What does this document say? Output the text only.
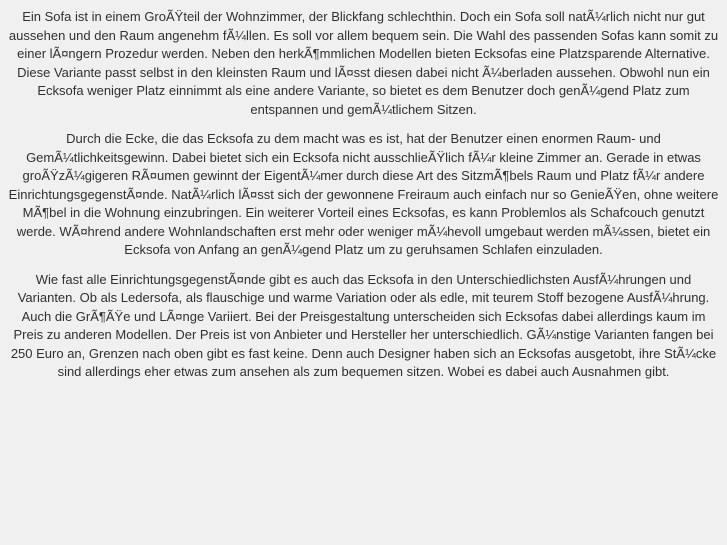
Ein Sofa ist in einem GroÃŸteil der Wohnzimmer, der Blickfang schlechthin. Doch ein Sofa soll natÃ¼rlich nicht nur gut aussehen und den Raum angenehm fÃ¼llen. Es soll vor allem bequem sein. Die Wahl des passenden Sofas kann somit zu einer lÃ¤ngern Prozedur werden. Neben den herkÃ¶mmlichen Modellen bieten Ecksofas eine Platzsparende Alternative. Diese Variante passt selbst in den kleinsten Raum und lÃ¤sst diesen dabei nicht Ã¼berladen aussehen. Obwohl nun ein Ecksofa weniger Platz einnimmt als eine andere Variante, so bietet es dem Benutzer doch genÃ¼gend Platz zum entspannen und gemÃ¼tlichem Sitzen.

Durch die Ecke, die das Ecksofa zu dem macht was es ist, hat der Benutzer einen enormen Raum- und GemÃ¼tlichkeitsgewinn. Dabei bietet sich ein Ecksofa nicht ausschlieÃŸlich fÃ¼r kleine Zimmer an. Gerade in etwas groÃŸzÃ¼gigeren RÃ¤umen gewinnt der EigentÃ¼mer durch diese Art des SitzmÃ¶bels Raum und Platz fÃ¼r andere EinrichtungsgegenstÃ¤nde. NatÃ¼rlich lÃ¤sst sich der gewonnene Freiraum auch einfach nur so GenieÃŸen, ohne weitere MÃ¶bel in die Wohnung einzubringen. Ein weiterer Vorteil eines Ecksofas, es kann Problemlos als Schafcouch genutzt werde. WÃ¤hrend andere Wohnlandschaften erst mehr oder weniger mÃ¼hevoll umgebaut werden mÃ¼ssen, bietet ein Ecksofa von Anfang an genÃ¼gend Platz um zu geruhsamen Schlafen einzuladen.

Wie fast alle EinrichtungsgegenstÃ¤nde gibt es auch das Ecksofa in den Unterschiedlichsten AusfÃ¼hrungen und Varianten. Ob als Ledersofa, als flauschige und warme Variation oder als edle, mit teurem Stoff bezogene AusfÃ¼hrung. Auch die GrÃ¶ÃŸe und LÃ¤nge Variiert. Bei der Preisgestaltung unterscheiden sich Ecksofas dabei allerdings kaum im Preis zu anderen Modellen. Der Preis ist von Anbieter und Hersteller her unterschiedlich. GÃ¼nstige Varianten fangen bei 250 Euro an, Grenzen nach oben gibt es fast keine. Denn auch Designer haben sich an Ecksofas ausgetobt, ihre StÃ¼cke sind allerdings eher etwas zum ansehen als zum bequemen sitzen. Wobei es dabei auch Ausnahmen gibt.
